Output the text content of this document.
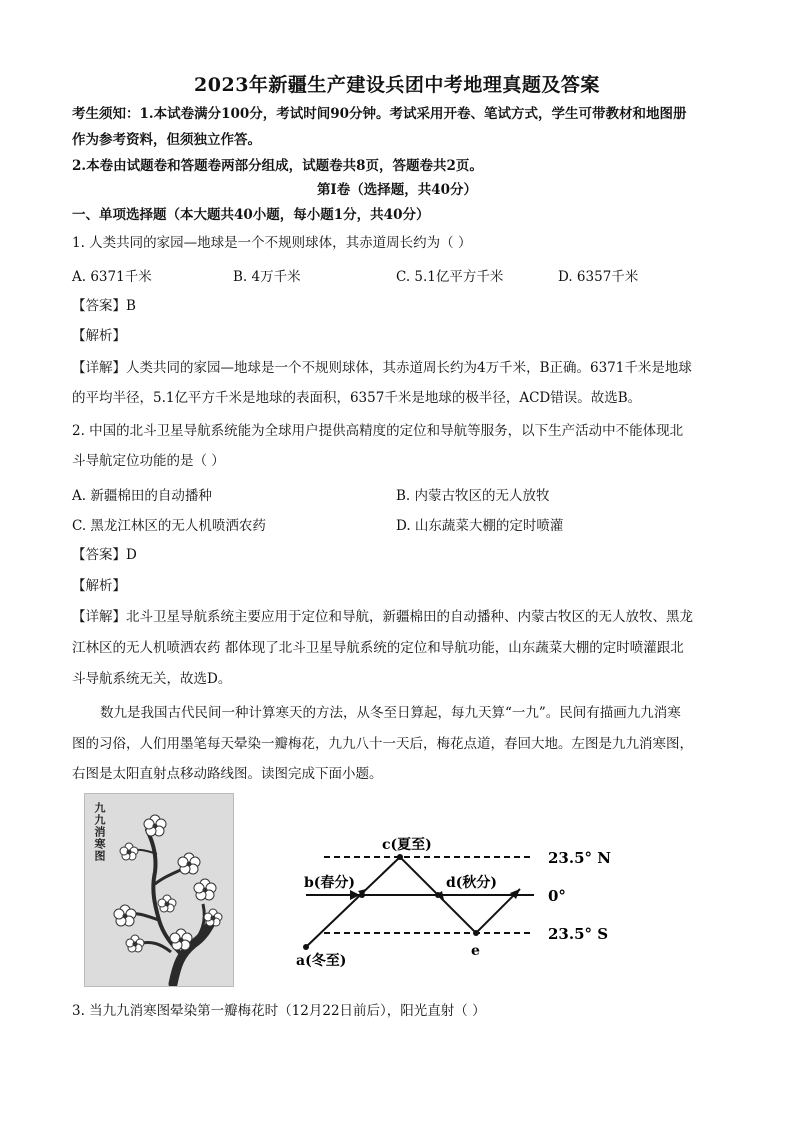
2023年新疆生产建设兵团中考地理真题及答案
考生须知：1.本试卷满分100分，考试时间90分钟。考试采用开卷、笔试方式，学生可带教材和地图册
作为参考资料，但须独立作答。
2.本卷由试题卷和答题卷两部分组成，试题卷共8页，答题卷共2页。
第Ⅰ卷（选择题，共40分）
一、单项选择题（本大题共40小题，每小题1分，共40分）
1. 人类共同的家园—地球是一个不规则球体，其赤道周长约为（ ）
A. 6371千米	B. 4万千米	C. 5.1亿平方千米	D. 6357千米
【答案】B
【解析】
【详解】人类共同的家园—地球是一个不规则球体，其赤道周长约为4万千米，B正确。6371千米是地球
的平均半径，5.1亿平方千米是地球的表面积，6357千米是地球的极半径，ACD错误。故选B。
2. 中国的北斗卫星导航系统能为全球用户提供高精度的定位和导航等服务，以下生产活动中不能体现北
斗导航定位功能的是（ ）
A. 新疆棉田的自动播种	B. 内蒙古牧区的无人放牧
C. 黑龙江林区的无人机喷洒农药	D. 山东蔬菜大棚的定时喷灌
【答案】D
【解析】
【详解】北斗卫星导航系统主要应用于定位和导航，新疆棉田的自动播种、内蒙古牧区的无人放牧、黑龙
江林区的无人机喷洒农药 都体现了北斗卫星导航系统的定位和导航功能，山东蔬菜大棚的定时喷灌跟北
斗导航系统无关，故选D。
数九是我国古代民间一种计算寒天的方法，从冬至日算起，每九天算“一九”。民间有描画九九消寒
图的习俗，人们用墨笔每天晕染一瓣梅花，九九八十一天后，梅花点道，春回大地。左图是九九消寒图，
右图是太阳直射点移动路线图。读图完成下面小题。
九九消寒图	c(夏至)
b(春分)	d(秋分)
a(冬至)
e
23.5° N
0°
23.5° S
3. 当九九消寒图晕染第一瓣梅花时（12月22日前后），阳光直射（ ）
